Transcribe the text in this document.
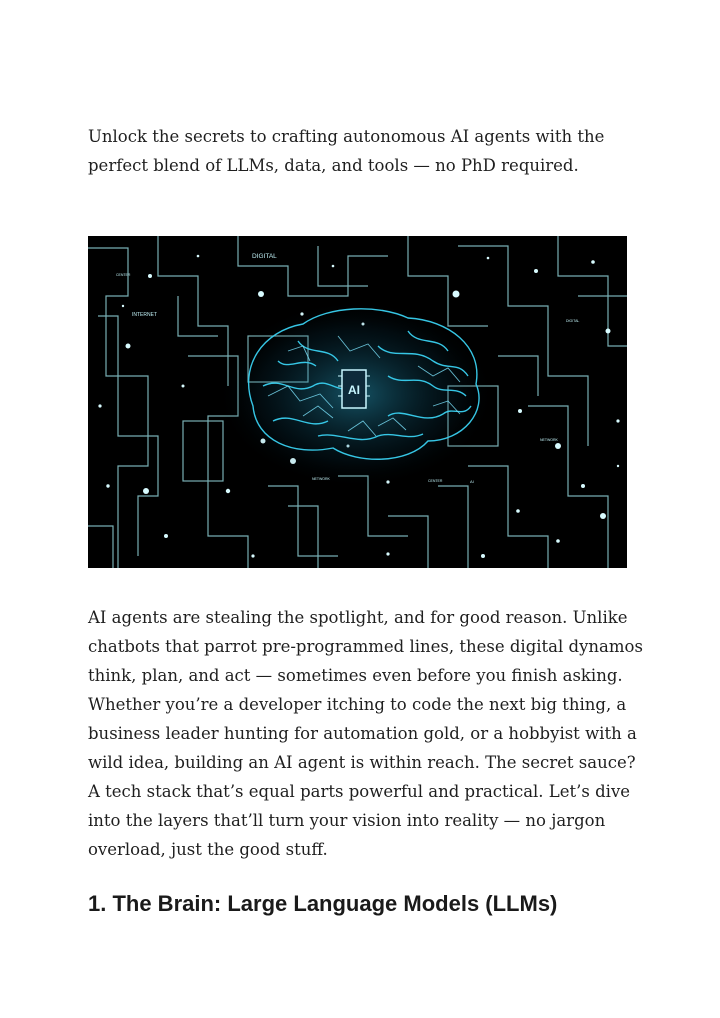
Unlock the secrets to crafting autonomous AI agents with the perfect blend of LLMs, data, and tools — no PhD required.

AI
DIGITAL
INTERNET
CENTER
NETWORK	CENTER	AI
NETWORK
DIGITAL

AI agents are stealing the spotlight, and for good reason. Unlike chatbots that parrot pre-programmed lines, these digital dynamos think, plan, and act — sometimes even before you finish asking. Whether you’re a developer itching to code the next big thing, a business leader hunting for automation gold, or a hobbyist with a wild idea, building an AI agent is within reach. The secret sauce? A tech stack that’s equal parts powerful and practical. Let’s dive into the layers that’ll turn your vision into reality — no jargon overload, just the good stuff.

1. The Brain: Large Language Models (LLMs)
